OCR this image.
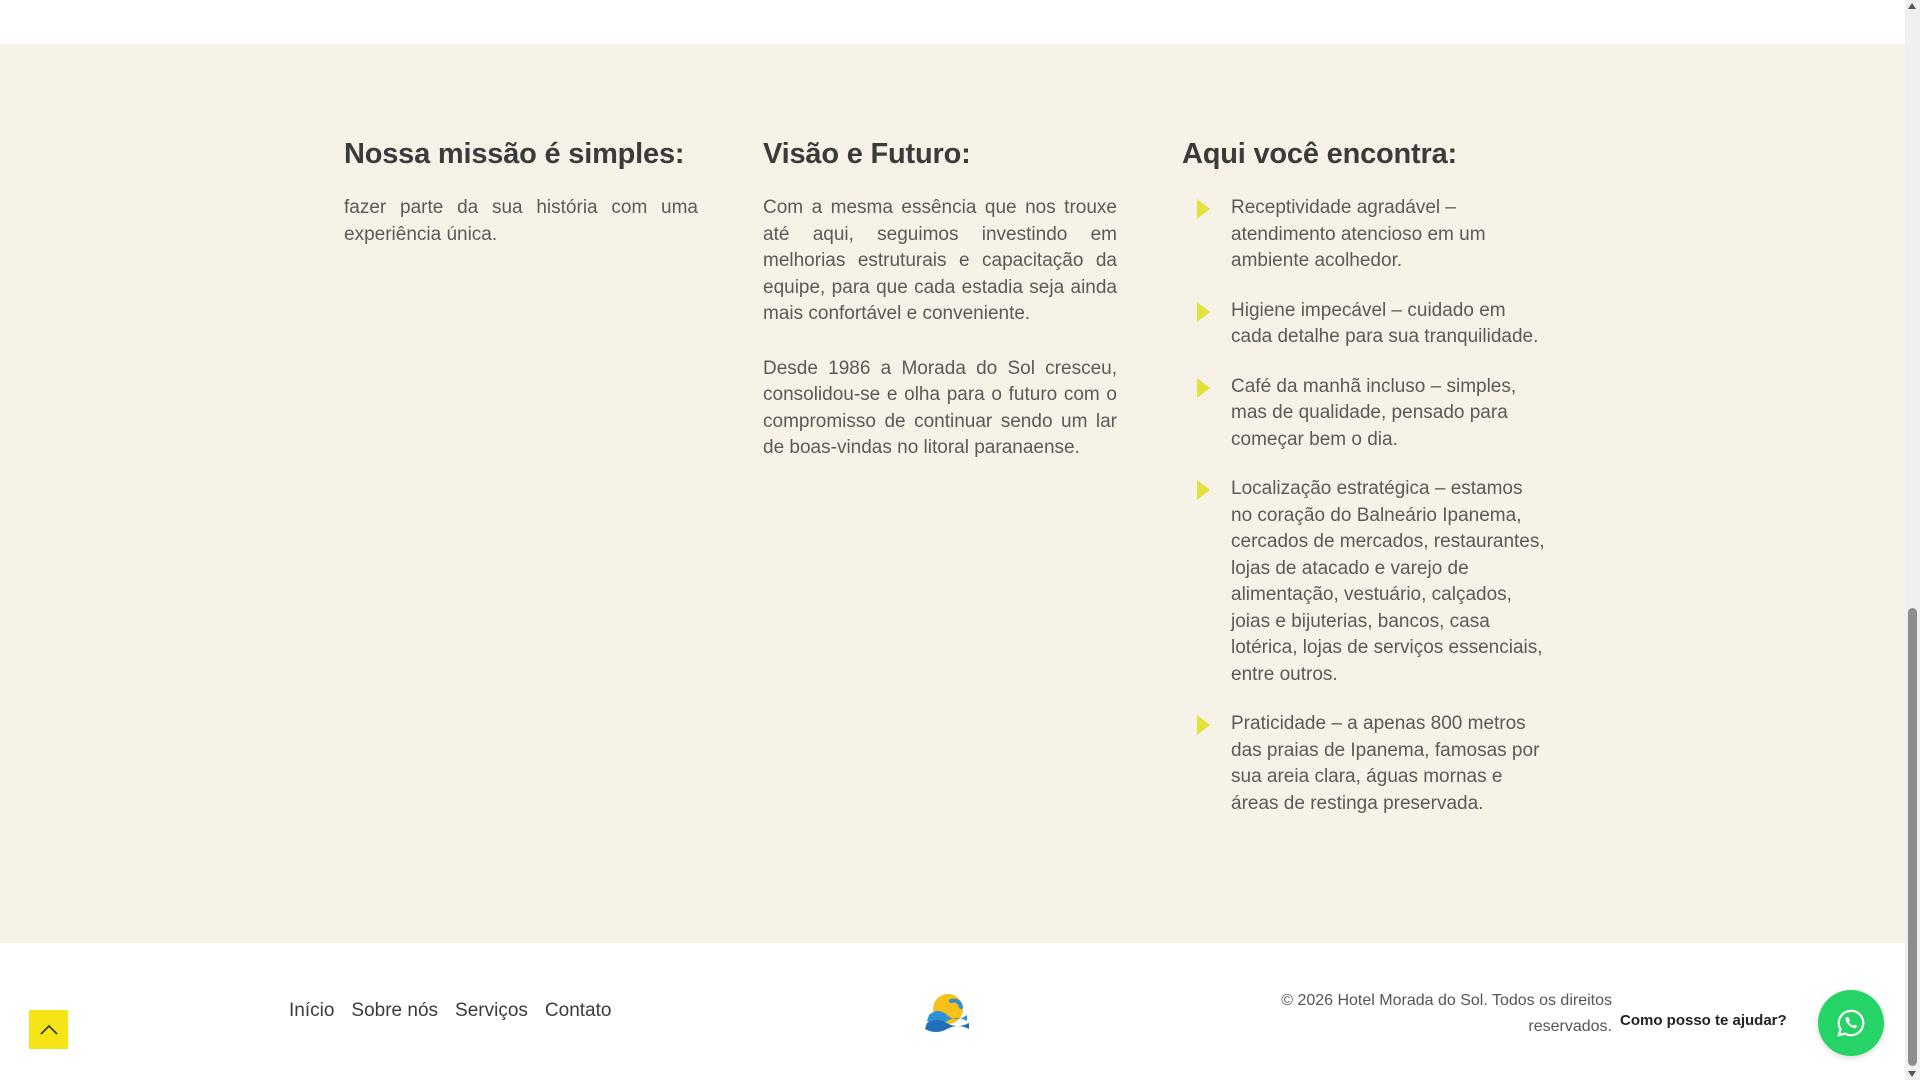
Nossa missão é simples:

fazer parte da sua história com uma experiência única.

Visão e Futuro:

Com a mesma essência que nos trouxe até aqui, seguimos investindo em melhorias estruturais e capacitação da equipe, para que cada estadia seja ainda mais confortável e conveniente.

Desde 1986 a Morada do Sol cresceu, consolidou-se e olha para o futuro com o compromisso de continuar sendo um lar de boas-vindas no litoral paranaense.

Aqui você encontra:
Receptividade agradável – atendimento atencioso em um ambiente acolhedor.
Higiene impecável – cuidado em cada detalhe para sua tranquilidade.
Café da manhã incluso – simples, mas de qualidade, pensado para começar bem o dia.
Localização estratégica – estamos no coração do Balneário Ipanema, cercados de mercados, restaurantes, lojas de atacado e varejo de alimentação, vestuário, calçados, joias e bijuterias, bancos, casa lotérica, lojas de serviços essenciais, entre outros.
Praticidade – a apenas 800 metros das praias de Ipanema, famosas por sua areia clara, águas mornas e áreas de restinga preservada.
Início Sobre nós Serviços Contato	© 2026 Hotel Morada do Sol. Todos os direitos reservados. Como posso te ajudar?
